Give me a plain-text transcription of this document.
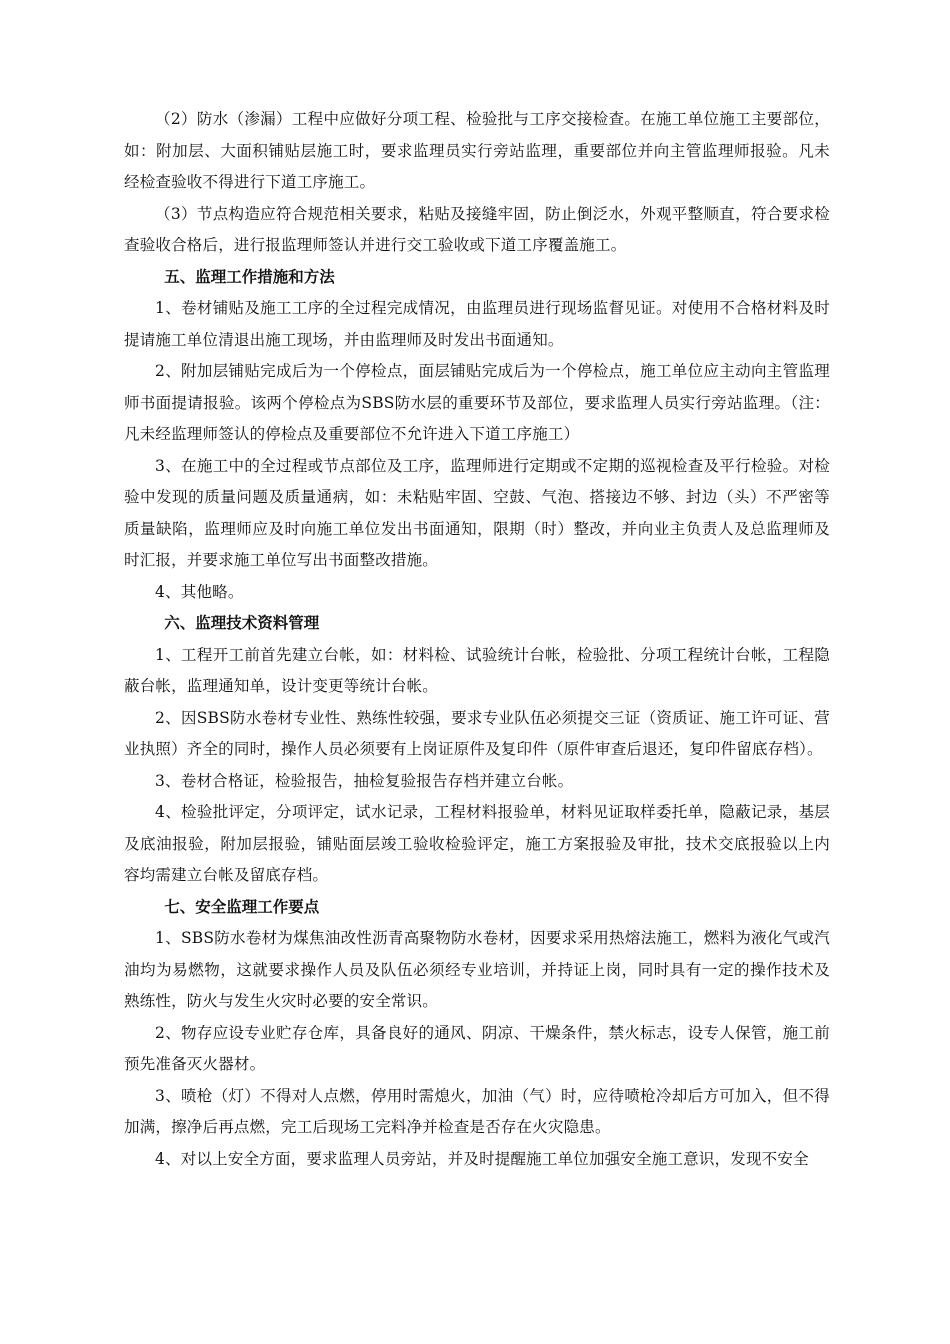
（2）防水（渗漏）工程中应做好分项工程、检验批与工序交接检查。在施工单位施工主要部位，如：附加层、大面积铺贴层施工时，要求监理员实行旁站监理，重要部位并向主管监理师报验。凡未经检查验收不得进行下道工序施工。

（3）节点构造应符合规范相关要求，粘贴及接缝牢固，防止倒泛水，外观平整顺直，符合要求检查验收合格后，进行报监理师签认并进行交工验收或下道工序覆盖施工。

五、监理工作措施和方法

1、卷材铺贴及施工工序的全过程完成情况，由监理员进行现场监督见证。对使用不合格材料及时提请施工单位清退出施工现场，并由监理师及时发出书面通知。

2、附加层铺贴完成后为一个停检点，面层铺贴完成后为一个停检点，施工单位应主动向主管监理师书面提请报验。该两个停检点为SBS防水层的重要环节及部位，要求监理人员实行旁站监理。（注：凡未经监理师签认的停检点及重要部位不允许进入下道工序施工）

3、在施工中的全过程或节点部位及工序，监理师进行定期或不定期的巡视检查及平行检验。对检验中发现的质量问题及质量通病，如：未粘贴牢固、空鼓、气泡、搭接边不够、封边（头）不严密等质量缺陷，监理师应及时向施工单位发出书面通知，限期（时）整改，并向业主负责人及总监理师及时汇报，并要求施工单位写出书面整改措施。

4、其他略。

六、监理技术资料管理

1、工程开工前首先建立台帐，如：材料检、试验统计台帐，检验批、分项工程统计台帐，工程隐蔽台帐，监理通知单，设计变更等统计台帐。

2、因SBS防水卷材专业性、熟练性较强，要求专业队伍必须提交三证（资质证、施工许可证、营业执照）齐全的同时，操作人员必须要有上岗证原件及复印件（原件审查后退还，复印件留底存档）。

3、卷材合格证，检验报告，抽检复验报告存档并建立台帐。

4、检验批评定，分项评定，试水记录，工程材料报验单，材料见证取样委托单，隐蔽记录，基层及底油报验，附加层报验，铺贴面层竣工验收检验评定，施工方案报验及审批，技术交底报验以上内容均需建立台帐及留底存档。

七、安全监理工作要点

1、SBS防水卷材为煤焦油改性沥青高聚物防水卷材，因要求采用热熔法施工，燃料为液化气或汽油均为易燃物，这就要求操作人员及队伍必须经专业培训，并持证上岗，同时具有一定的操作技术及熟练性，防火与发生火灾时必要的安全常识。

2、物存应设专业贮存仓库，具备良好的通风、阴凉、干燥条件，禁火标志，设专人保管，施工前预先准备灭火器材。

3、喷枪（灯）不得对人点燃，停用时需熄火，加油（气）时，应待喷枪冷却后方可加入，但不得加满，擦净后再点燃，完工后现场工完料净并检查是否存在火灾隐患。

4、对以上安全方面，要求监理人员旁站，并及时提醒施工单位加强安全施工意识，发现不安全
